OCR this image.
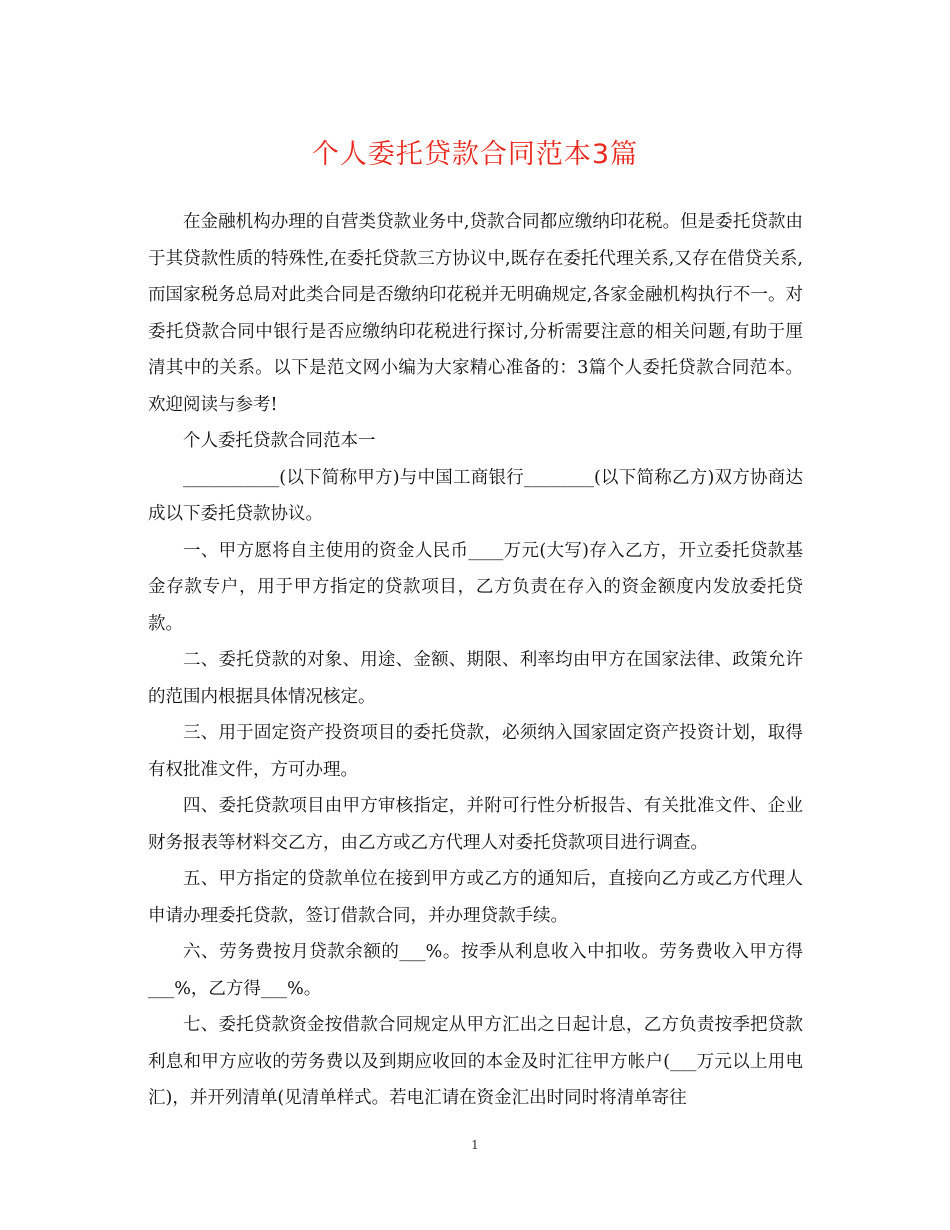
个人委托贷款合同范本3篇

在金融机构办理的自营类贷款业务中,贷款合同都应缴纳印花税。但是委托贷款由于其贷款性质的特殊性,在委托贷款三方协议中,既存在委托代理关系,又存在借贷关系,而国家税务总局对此类合同是否缴纳印花税并无明确规定,各家金融机构执行不一。对委托贷款合同中银行是否应缴纳印花税进行探讨,分析需要注意的相关问题,有助于厘清其中的关系。以下是范文网小编为大家精心准备的：3篇个人委托贷款合同范本。欢迎阅读与参考!

个人委托贷款合同范本一

___________(以下简称甲方)与中国工商银行________(以下简称乙方)双方协商达成以下委托贷款协议。

一、甲方愿将自主使用的资金人民币____万元(大写)存入乙方，开立委托贷款基金存款专户，用于甲方指定的贷款项目，乙方负责在存入的资金额度内发放委托贷款。

二、委托贷款的对象、用途、金额、期限、利率均由甲方在国家法律、政策允许的范围内根据具体情况核定。

三、用于固定资产投资项目的委托贷款，必须纳入国家固定资产投资计划，取得有权批准文件，方可办理。

四、委托贷款项目由甲方审核指定，并附可行性分析报告、有关批准文件、企业财务报表等材料交乙方，由乙方或乙方代理人对委托贷款项目进行调查。

五、甲方指定的贷款单位在接到甲方或乙方的通知后，直接向乙方或乙方代理人申请办理委托贷款，签订借款合同，并办理贷款手续。

六、劳务费按月贷款余额的___%。按季从利息收入中扣收。劳务费收入甲方得___%，乙方得___%。

七、委托贷款资金按借款合同规定从甲方汇出之日起计息，乙方负责按季把贷款利息和甲方应收的劳务费以及到期应收回的本金及时汇往甲方帐户(___万元以上用电汇)，并开列清单(见清单样式。若电汇请在资金汇出时同时将清单寄往

1
